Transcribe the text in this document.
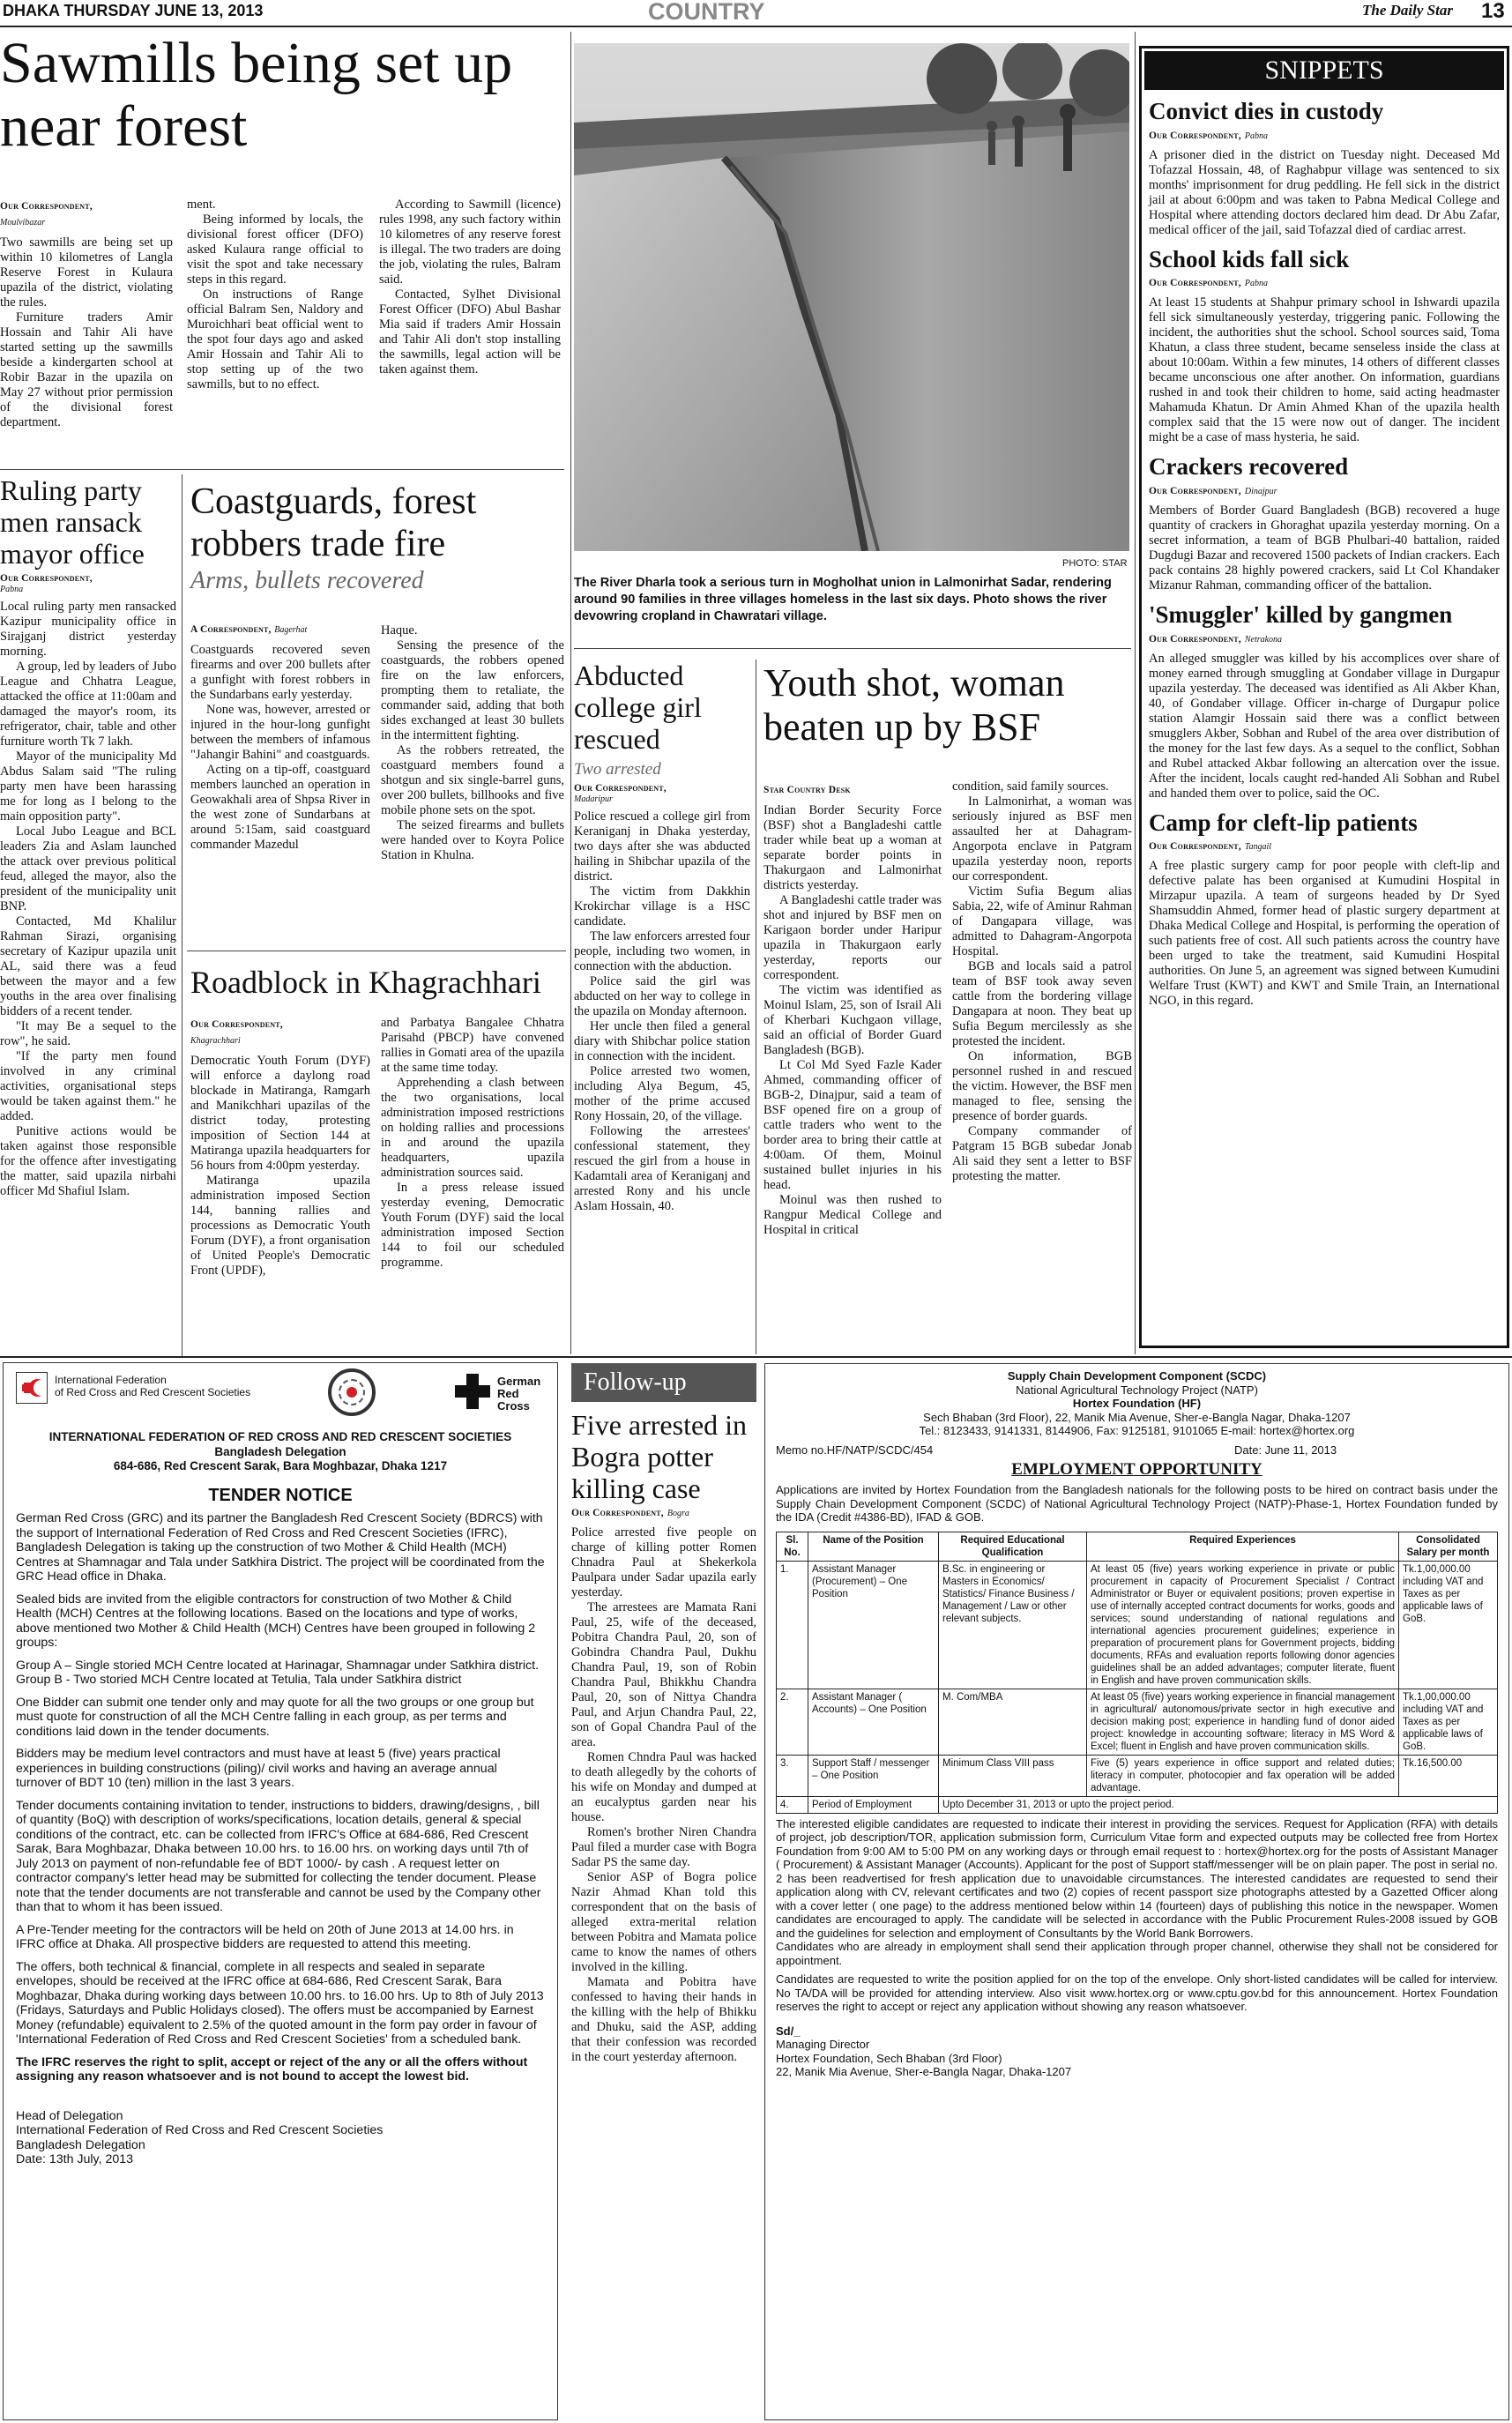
DHAKA THURSDAY JUNE 13, 2013	COUNTRY	The Daily Star 13
Sawmills being set up near forest
Our Correspondent,
Moulvibazar

Two sawmills are being set up within 10 kilometres of Langla Reserve Forest in Kulaura upazila of the district, violating the rules.

Furniture traders Amir Hossain and Tahir Ali have started setting up the sawmills beside a kindergarten school at Robir Bazar in the upazila on May 27 without prior permission of the divisional forest department.

ment.

Being informed by locals, the divisional forest officer (DFO) asked Kulaura range official to visit the spot and take necessary steps in this regard.

On instructions of Range official Balram Sen, Naldory and Muroichhari beat official went to the spot four days ago and asked Amir Hossain and Tahir Ali to stop setting up of the two sawmills, but to no effect.

According to Sawmill (licence) rules 1998, any such factory within 10 kilometres of any reserve forest is illegal. The two traders are doing the job, violating the rules, Balram said.

Contacted, Sylhet Divisional Forest Officer (DFO) Abul Bashar Mia said if traders Amir Hossain and Tahir Ali don't stop installing the sawmills, legal action will be taken against them.

PHOTO: STAR
The River Dharla took a serious turn in Mogholhat union in Lalmonirhat Sadar, rendering around 90 families in three villages homeless in the last six days. Photo shows the river devowring cropland in Chawratari village.
Ruling party men ransack mayor office
Our Correspondent,
Pabna

Local ruling party men ransacked Kazipur municipality office in Sirajganj district yesterday morning.

A group, led by leaders of Jubo League and Chhatra League, attacked the office at 11:00am and damaged the mayor's room, its refrigerator, chair, table and other furniture worth Tk 7 lakh.

Mayor of the municipality Md Abdus Salam said "The ruling party men have been harassing me for long as I belong to the main opposition party".

Local Jubo League and BCL leaders Zia and Aslam launched the attack over previous political feud, alleged the mayor, also the president of the municipality unit BNP.

Contacted, Md Khalilur Rahman Sirazi, organising secretary of Kazipur upazila unit AL, said there was a feud between the mayor and a few youths in the area over finalising bidders of a recent tender.

"It may Be a sequel to the row", he said.

"If the party men found involved in any criminal activities, organisational steps would be taken against them." he added.

Punitive actions would be taken against those responsible for the offence after investigating the matter, said upazila nirbahi officer Md Shafiul Islam.

Coastguards, forest robbers trade fire
Arms, bullets recovered
A Correspondent, Bagerhat

Coastguards recovered seven firearms and over 200 bullets after a gunfight with forest robbers in the Sundarbans early yesterday.

None was, however, arrested or injured in the hour-long gunfight between the members of infamous "Jahangir Bahini" and coastguards.

Acting on a tip-off, coastguard members launched an operation in Geowakhali area of Shpsa River in the west zone of Sundarbans at around 5:15am, said coastguard commander Mazedul

Haque.

Sensing the presence of the coastguards, the robbers opened fire on the law enforcers, prompting them to retaliate, the commander said, adding that both sides exchanged at least 30 bullets in the intermittent fighting.

As the robbers retreated, the coastguard members found a shotgun and six single-barrel guns, over 200 bullets, billhooks and five mobile phone sets on the spot.

The seized firearms and bullets were handed over to Koyra Police Station in Khulna.

Roadblock in Khagrachhari
Our Correspondent,
Khagrachhari

Democratic Youth Forum (DYF) will enforce a daylong road blockade in Matiranga, Ramgarh and Manikchhari upazilas of the district today, protesting imposition of Section 144 at Matiranga upazila headquarters for 56 hours from 4:00pm yesterday.

Matiranga upazila administration imposed Section 144, banning rallies and processions as Democratic Youth Forum (DYF), a front organisation of United People's Democratic Front (UPDF),

and Parbatya Bangalee Chhatra Parisahd (PBCP) have convened rallies in Gomati area of the upazila at the same time today.

Apprehending a clash between the two organisations, local administration imposed restrictions on holding rallies and processions in and around the upazila headquarters, upazila administration sources said.

In a press release issued yesterday evening, Democratic Youth Forum (DYF) said the local administration imposed Section 144 to foil our scheduled programme.

Abducted college girl rescued
Two arrested
Our Correspondent,
Madaripur

Police rescued a college girl from Keraniganj in Dhaka yesterday, two days after she was abducted hailing in Shibchar upazila of the district.

The victim from Dakkhin Krokirchar village is a HSC candidate.

The law enforcers arrested four people, including two women, in connection with the abduction.

Police said the girl was abducted on her way to college in the upazila on Monday afternoon.

Her uncle then filed a general diary with Shibchar police station in connection with the incident.

Police arrested two women, including Alya Begum, 45, mother of the prime accused Rony Hossain, 20, of the village.

Following the arrestees' confessional statement, they rescued the girl from a house in Kadamtali area of Keraniganj and arrested Rony and his uncle Aslam Hossain, 40.

Youth shot, woman beaten up by BSF
Star Country Desk

Indian Border Security Force (BSF) shot a Bangladeshi cattle trader while beat up a woman at separate border points in Thakurgaon and Lalmonirhat districts yesterday.

A Bangladeshi cattle trader was shot and injured by BSF men on Karigaon border under Haripur upazila in Thakurgaon early yesterday, reports our correspondent.

The victim was identified as Moinul Islam, 25, son of Israil Ali of Kherbari Kuchgaon village, said an official of Border Guard Bangladesh (BGB).

Lt Col Md Syed Fazle Kader Ahmed, commanding officer of BGB-2, Dinajpur, said a team of BSF opened fire on a group of cattle traders who went to the border area to bring their cattle at 4:00am. Of them, Moinul sustained bullet injuries in his head.

Moinul was then rushed to Rangpur Medical College and Hospital in critical

condition, said family sources.

In Lalmonirhat, a woman was seriously injured as BSF men assaulted her at Dahagram-Angorpota enclave in Patgram upazila yesterday noon, reports our correspondent.

Victim Sufia Begum alias Sabia, 22, wife of Aminur Rahman of Dangapara village, was admitted to Dahagram-Angorpota Hospital.

BGB and locals said a patrol team of BSF took away seven cattle from the bordering village Dangapara at noon. They beat up Sufia Begum mercilessly as she protested the incident.

On information, BGB personnel rushed in and rescued the victim. However, the BSF men managed to flee, sensing the presence of border guards.

Company commander of Patgram 15 BGB subedar Jonab Ali said they sent a letter to BSF protesting the matter.

SNIPPETS
Convict dies in custody
Our Correspondent, Pabna
A prisoner died in the district on Tuesday night. Deceased Md Tofazzal Hossain, 48, of Raghabpur village was sentenced to six months' imprisonment for drug peddling. He fell sick in the district jail at about 6:00pm and was taken to Pabna Medical College and Hospital where attending doctors declared him dead. Dr Abu Zafar, medical officer of the jail, said Tofazzal died of cardiac arrest.
School kids fall sick
Our Correspondent, Pabna
At least 15 students at Shahpur primary school in Ishwardi upazila fell sick simultaneously yesterday, triggering panic. Following the incident, the authorities shut the school. School sources said, Toma Khatun, a class three student, became senseless inside the class at about 10:00am. Within a few minutes, 14 others of different classes became unconscious one after another. On information, guardians rushed in and took their children to home, said acting headmaster Mahamuda Khatun. Dr Amin Ahmed Khan of the upazila health complex said that the 15 were now out of danger. The incident might be a case of mass hysteria, he said.
Crackers recovered
Our Correspondent, Dinajpur
Members of Border Guard Bangladesh (BGB) recovered a huge quantity of crackers in Ghoraghat upazila yesterday morning. On a secret information, a team of BGB Phulbari-40 battalion, raided Dugdugi Bazar and recovered 1500 packets of Indian crackers. Each pack contains 28 highly powered crackers, said Lt Col Khandaker Mizanur Rahman, commanding officer of the battalion.
'Smuggler' killed by gangmen
Our Correspondent, Netrakona
An alleged smuggler was killed by his accomplices over share of money earned through smuggling at Gondaber village in Durgapur upazila yesterday. The deceased was identified as Ali Akber Khan, 40, of Gondaber village. Officer in-charge of Durgapur police station Alamgir Hossain said there was a conflict between smugglers Akber, Sobhan and Rubel of the area over distribution of the money for the last few days. As a sequel to the conflict, Sobhan and Rubel attacked Akbar following an altercation over the issue. After the incident, locals caught red-handed Ali Sobhan and Rubel and handed them over to police, said the OC.
Camp for cleft-lip patients
Our Correspondent, Tangail
A free plastic surgery camp for poor people with cleft-lip and defective palate has been organised at Kumudini Hospital in Mirzapur upazila. A team of surgeons headed by Dr Syed Shamsuddin Ahmed, former head of plastic surgery department at Dhaka Medical College and Hospital, is performing the operation of such patients free of cost. All such patients across the country have been urged to take the treatment, said Kumudini Hospital authorities. On June 5, an agreement was signed between Kumudini Welfare Trust (KWT) and KWT and Smile Train, an International NGO, in this regard.
International Federation
of Red Cross and Red Crescent Societies
German Red Cross
INTERNATIONAL FEDERATION OF RED CROSS AND RED CRESCENT SOCIETIES
Bangladesh Delegation
684-686, Red Crescent Sarak, Bara Moghbazar, Dhaka 1217
TENDER NOTICE

German Red Cross (GRC) and its partner the Bangladesh Red Crescent Society (BDRCS) with the support of International Federation of Red Cross and Red Crescent Societies (IFRC), Bangladesh Delegation is taking up the construction of two Mother & Child Health (MCH) Centres at Shamnagar and Tala under Satkhira District. The project will be coordinated from the GRC Head office in Dhaka.

Sealed bids are invited from the eligible contractors for construction of two Mother & Child Health (MCH) Centres at the following locations. Based on the locations and type of works, above mentioned two Mother & Child Health (MCH) Centres have been grouped in following 2 groups:

Group A – Single storied MCH Centre located at Harinagar, Shamnagar under Satkhira district.

Group B - Two storied MCH Centre located at Tetulia, Tala under Satkhira district

One Bidder can submit one tender only and may quote for all the two groups or one group but must quote for construction of all the MCH Centre falling in each group, as per terms and conditions laid down in the tender documents.

Bidders may be medium level contractors and must have at least 5 (five) years practical experiences in building constructions (piling)/ civil works and having an average annual turnover of BDT 10 (ten) million in the last 3 years.

Tender documents containing invitation to tender, instructions to bidders, drawing/designs, , bill of quantity (BoQ) with description of works/specifications, location details, general & special conditions of the contract, etc. can be collected from IFRC's Office at 684-686, Red Crescent Sarak, Bara Moghbazar, Dhaka between 10.00 hrs. to 16.00 hrs. on working days until 7th of July 2013 on payment of non-refundable fee of BDT 1000/- by cash . A request letter on contractor company's letter head may be submitted for collecting the tender document. Please note that the tender documents are not transferable and cannot be used by the Company other than that to whom it has been issued.

A Pre-Tender meeting for the contractors will be held on 20th of June 2013 at 14.00 hrs. in IFRC office at Dhaka. All prospective bidders are requested to attend this meeting.

The offers, both technical & financial, complete in all respects and sealed in separate envelopes, should be received at the IFRC office at 684-686, Red Crescent Sarak, Bara Moghbazar, Dhaka during working days between 10.00 hrs. to 16.00 hrs. Up to 8th of July 2013 (Fridays, Saturdays and Public Holidays closed). The offers must be accompanied by Earnest Money (refundable) equivalent to 2.5% of the quoted amount in the form pay order in favour of 'International Federation of Red Cross and Red Crescent Societies' from a scheduled bank.

The IFRC reserves the right to split, accept or reject of the any or all the offers without assigning any reason whatsoever and is not bound to accept the lowest bid.

Head of Delegation
International Federation of Red Cross and Red Crescent Societies
Bangladesh Delegation
Date: 13th July, 2013
Follow-up
Five arrested in Bogra potter killing case
Our Correspondent, Bogra

Police arrested five people on charge of killing potter Romen Chnadra Paul at Shekerkola Paulpara under Sadar upazila early yesterday.

The arrestees are Mamata Rani Paul, 25, wife of the deceased, Pobitra Chandra Paul, 20, son of Gobindra Chandra Paul, Dukhu Chandra Paul, 19, son of Robin Chandra Paul, Bhikkhu Chandra Paul, 20, son of Nittya Chandra Paul, and Arjun Chandra Paul, 22, son of Gopal Chandra Paul of the area.

Romen Chndra Paul was hacked to death allegedly by the cohorts of his wife on Monday and dumped at an eucalyptus garden near his house.

Romen's brother Niren Chandra Paul filed a murder case with Bogra Sadar PS the same day.

Senior ASP of Bogra police Nazir Ahmad Khan told this correspondent that on the basis of alleged extra-merital relation between Pobitra and Mamata police came to know the names of others involved in the killing.

Mamata and Pobitra have confessed to having their hands in the killing with the help of Bhikku and Dhuku, said the ASP, adding that their confession was recorded in the court yesterday afternoon.

Supply Chain Development Component (SCDC)
National Agricultural Technology Project (NATP)
Hortex Foundation (HF)
Sech Bhaban (3rd Floor), 22, Manik Mia Avenue, Sher-e-Bangla Nagar, Dhaka-1207
Tel.: 8123433, 9141331, 8144906, Fax: 9125181, 9101065 E-mail: hortex@hortex.org
Memo no.HF/NATP/SCDC/454	Date: June 11, 2013
EMPLOYMENT OPPORTUNITY

Applications are invited by Hortex Foundation from the Bangladesh nationals for the following posts to be hired on contract basis under the Supply Chain Development Component (SCDC) of National Agricultural Technology Project (NATP)-Phase-1, Hortex Foundation funded by the IDA (Credit #4386-BD), IFAD & GOB.

Sl. No.	Name of the Position	Required Educational Qualification	Required Experiences	Consolidated Salary per month
1.	Assistant Manager (Procurement) – One Position	B.Sc. in engineering or Masters in Economics/ Statistics/ Finance Business / Management / Law or other relevant subjects.	At least 05 (five) years working experience in private or public procurement in capacity of Procurement Specialist / Contract Administrator or Buyer or equivalent positions; proven expertise in use of internally accepted contract documents for works, goods and services; sound understanding of national regulations and international agencies procurement guidelines; experience in preparation of procurement plans for Government projects, bidding documents, RFAs and evaluation reports following donor agencies guidelines shall be an added advantages; computer literate, fluent in English and have proven communication skills.	Tk.1,00,000.00 including VAT and Taxes as per applicable laws of GoB.
2.	Assistant Manager ( Accounts) – One Position	M. Com/MBA	At least 05 (five) years working experience in financial management in agricultural/ autonomous/private sector in high executive and decision making post; experience in handling fund of donor aided project: knowledge in accounting software; literacy in MS Word & Excel; fluent in English and have proven communication skills.	Tk.1,00,000.00 including VAT and Taxes as per applicable laws of GoB.
3.	Support Staff / messenger – One Position	Minimum Class VIII pass	Five (5) years experience in office support and related duties; literacy in computer, photocopier and fax operation will be added advantage.	Tk.16,500.00
4.	Period of Employment	Upto December 31, 2013 or upto the project period.		

The interested eligible candidates are requested to indicate their interest in providing the services. Request for Application (RFA) with details of project, job description/TOR, application submission form, Curriculum Vitae form and expected outputs may be collected free from Hortex Foundation from 9:00 AM to 5:00 PM on any working days or through email request to : hortex@hortex.org for the posts of Assistant Manager ( Procurement) & Assistant Manager (Accounts). Applicant for the post of Support staff/messenger will be on plain paper. The post in serial no. 2 has been readvertised for fresh application due to unavoidable circumstances. The interested candidates are requested to send their application along with CV, relevant certificates and two (2) copies of recent passport size photographs attested by a Gazetted Officer along with a cover letter ( one page) to the address mentioned below within 14 (fourteen) days of publishing this notice in the newspaper. Women candidates are encouraged to apply. The candidate will be selected in accordance with the Public Procurement Rules-2008 issued by GOB and the guidelines for selection and employment of Consultants by the World Bank Borrowers.

Candidates who are already in employment shall send their application through proper channel, otherwise they shall not be considered for appointment.

Candidates are requested to write the position applied for on the top of the envelope. Only short-listed candidates will be called for interview. No TA/DA will be provided for attending interview. Also visit www.hortex.org or www.cptu.gov.bd for this announcement. Hortex Foundation reserves the right to accept or reject any application without showing any reason whatsoever.

Sd/_
Managing Director
Hortex Foundation, Sech Bhaban (3rd Floor)
22, Manik Mia Avenue, Sher-e-Bangla Nagar, Dhaka-1207
